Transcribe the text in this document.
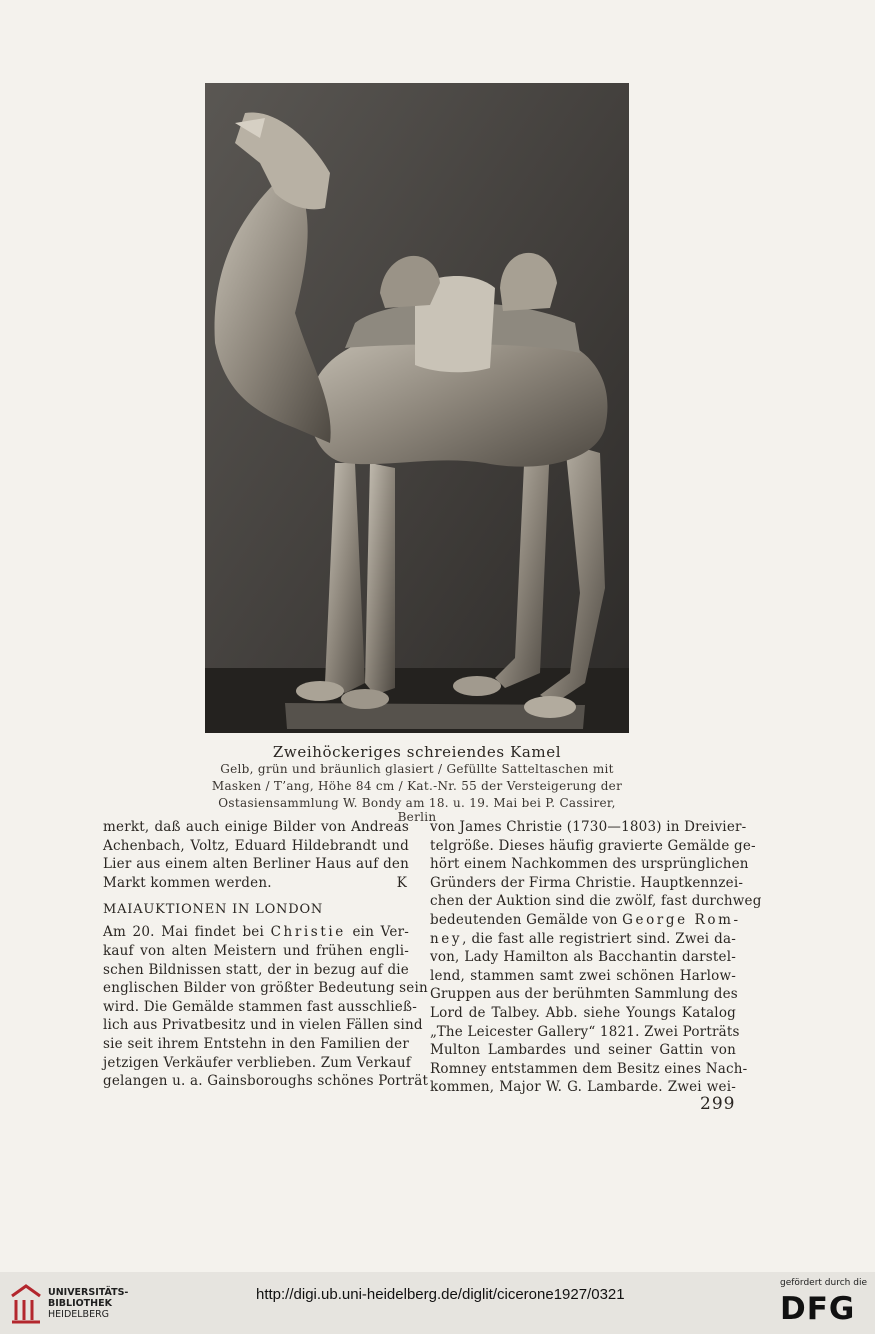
Zweihöckeriges schreiendes Kamel
Gelb, grün und bräunlich glasiert / Gefüllte Satteltaschen mit
Masken / T’ang, Höhe 84 cm / Kat.-Nr. 55 der Versteigerung der
Ostasiensammlung W. Bondy am 18. u. 19. Mai bei P. Cassirer, Berlin
merkt, daß auch einige Bilder von Andreas
Achenbach, Voltz, Eduard Hildebrandt und
Lier aus einem alten Berliner Haus auf den
Markt kommen werden.	K
MAIAUKTIONEN IN LONDON
Am 20. Mai findet bei Christie ein Ver-
kauf von alten Meistern und frühen engli-
schen Bildnissen statt, der in bezug auf die
englischen Bilder von größter Bedeutung sein
wird. Die Gemälde stammen fast ausschließ-
lich aus Privatbesitz und in vielen Fällen sind
sie seit ihrem Entstehn in den Familien der
jetzigen Verkäufer verblieben. Zum Verkauf
gelangen u. a. Gainsboroughs schönes Porträt
von James Christie (1730—1803) in Dreivier-
telgröße. Dieses häufig gravierte Gemälde ge-
hört einem Nachkommen des ursprünglichen
Gründers der Firma Christie. Hauptkennzei-
chen der Auktion sind die zwölf, fast durchweg
bedeutenden Gemälde von George Rom-
ney, die fast alle registriert sind. Zwei da-
von, Lady Hamilton als Bacchantin darstel-
lend, stammen samt zwei schönen Harlow-
Gruppen aus der berühmten Sammlung des
Lord de Talbey. Abb. siehe Youngs Katalog
„The Leicester Gallery“ 1821. Zwei Porträts
Multon Lambardes und seiner Gattin von
Romney entstammen dem Besitz eines Nach-
kommen, Major W. G. Lambarde. Zwei wei-
299
UNIVERSITÄTS-
BIBLIOTHEK
HEIDELBERG
http://digi.ub.uni-heidelberg.de/diglit/cicerone1927/0321
gefördert durch die
DFG
